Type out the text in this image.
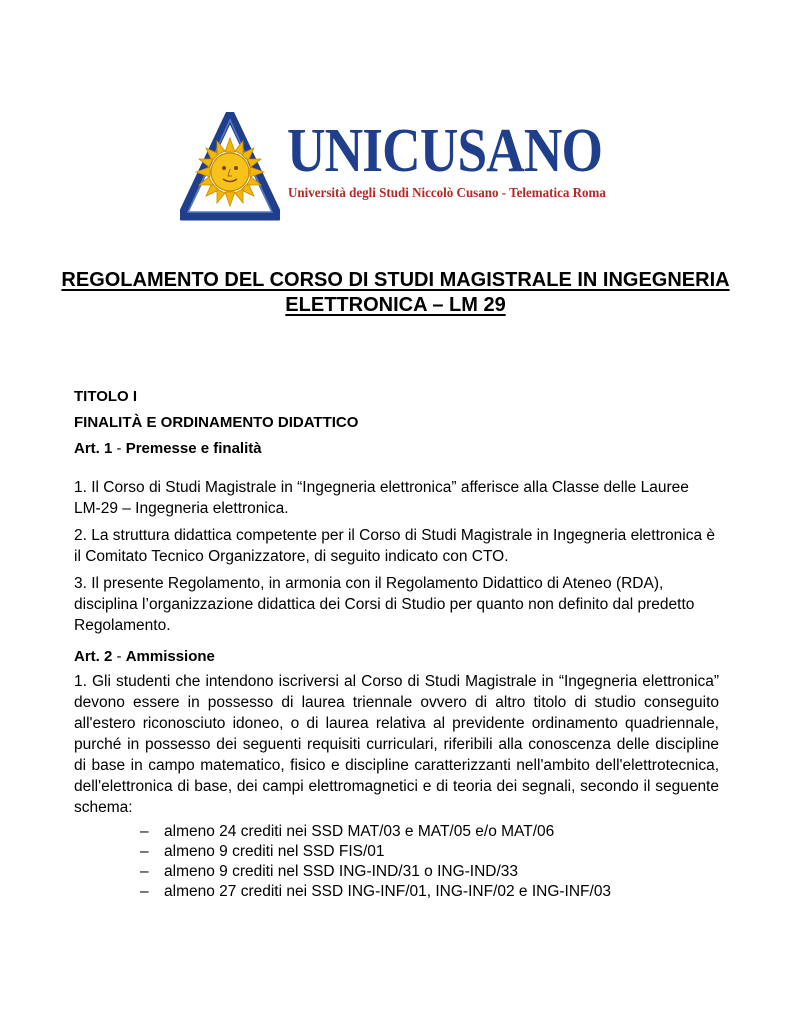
UNICUSANO
Università degli Studi Niccolò Cusano - Telematica Roma
REGOLAMENTO DEL CORSO DI STUDI MAGISTRALE IN INGEGNERIA
ELETTRONICA – LM 29
TITOLO I
FINALITÀ E ORDINAMENTO DIDATTICO
Art. 1 - Premesse e finalità
1. Il Corso di Studi Magistrale in “Ingegneria elettronica” afferisce alla Classe delle Lauree LM-29 – Ingegneria elettronica.
2. La struttura didattica competente per il Corso di Studi Magistrale in Ingegneria elettronica è il Comitato Tecnico Organizzatore, di seguito indicato con CTO.
3. Il presente Regolamento, in armonia con il Regolamento Didattico di Ateneo (RDA), disciplina l’organizzazione didattica dei Corsi di Studio per quanto non definito dal predetto Regolamento.
Art. 2 - Ammissione
1. Gli studenti che intendono iscriversi al Corso di Studi Magistrale in “Ingegneria elettronica” devono essere in possesso di laurea triennale ovvero di altro titolo di studio conseguito all'estero riconosciuto idoneo, o di laurea relativa al previdente ordinamento quadriennale, purché in possesso dei seguenti requisiti curriculari, riferibili alla conoscenza delle discipline di base in campo matematico, fisico e discipline caratterizzanti nell'ambito dell'elettrotecnica, dell'elettronica di base, dei campi elettromagnetici e di teoria dei segnali, secondo il seguente schema:
– almeno 24 crediti nei SSD MAT/03 e MAT/05 e/o MAT/06
– almeno 9 crediti nel SSD FIS/01
– almeno 9 crediti nel SSD ING-IND/31 o ING-IND/33
– almeno 27 crediti nei SSD ING-INF/01, ING-INF/02 e ING-INF/03
